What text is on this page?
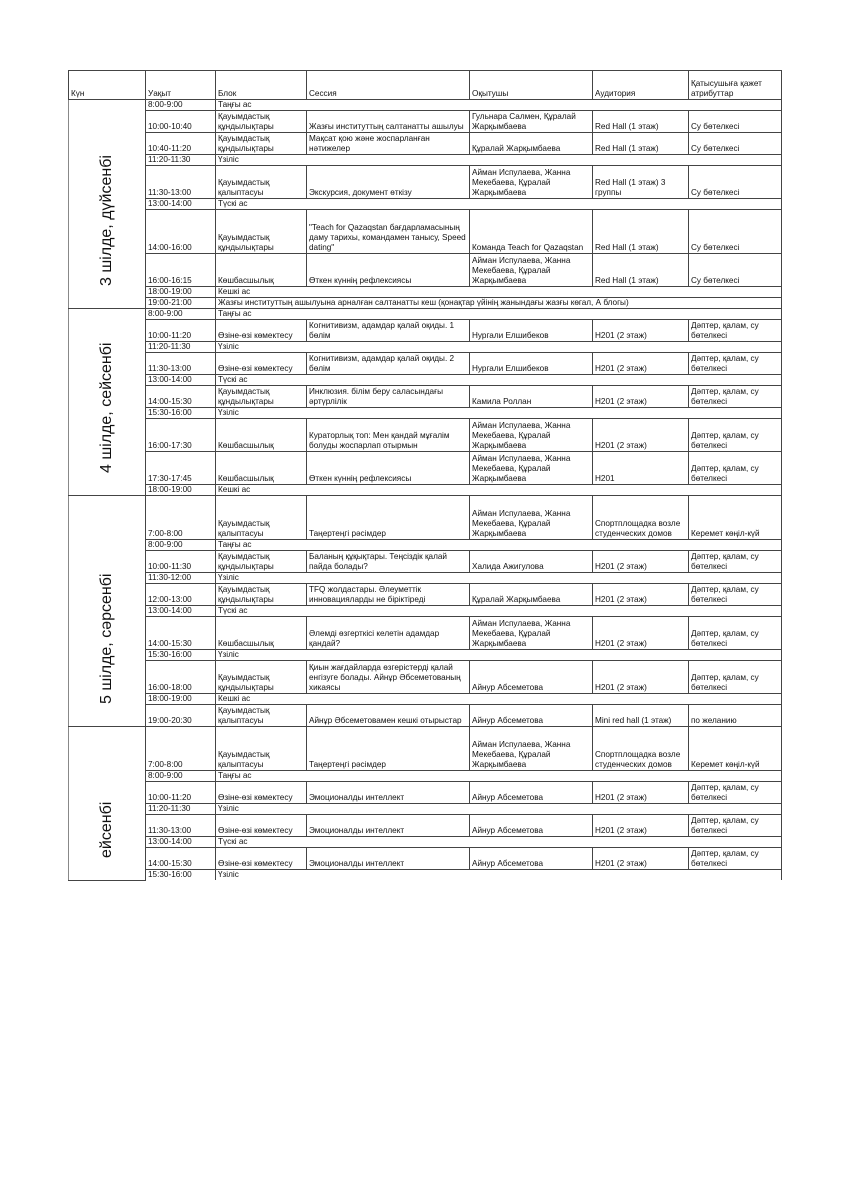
Күн	Уақыт	Блок	Сессия	Оқытушы	Аудитория	Қатысушыға қажет атрибуттар

3 шілде, дүйсенбі	8:00-9:00	Таңғы ас				
	10:00-10:40	Қауымдастық құндылықтары	Жазғы институттың салтанатты ашылуы	Гульнара Салмен, Құралай Жарқымбаева	Red Hall (1 этаж)	Су бөтелкесі
	10:40-11:20	Қауымдастық құндылықтары	Мақсат қою және жоспарланған нәтижелер	Құралай Жарқымбаева	Red Hall (1 этаж)	Су бөтелкесі
	11:20-11:30	Үзіліс				
	11:30-13:00	Қауымдастық қалыптасуы	Экскурсия, документ өткізу	Айман Испулаева, Жанна Мекебаева, Құралай Жарқымбаева	Red Hall (1 этаж) 3 группы	Су бөтелкесі
	13:00-14:00	Түскі ас				
	14:00-16:00	Қауымдастық құндылықтары	"Teach for Qazaqstan бағдарламасының даму тарихы, командамен танысу, Speed dating"	Команда Teach for Qazaqstan	Red Hall (1 этаж)	Су бөтелкесі
	16:00-16:15	Көшбасшылық	Өткен күннің рефлексиясы	Айман Испулаева, Жанна Мекебаева, Құралай Жарқымбаева	Red Hall (1 этаж)	Су бөтелкесі
	18:00-19:00	Кешкі ас				
	19:00-21:00	Жазғы институттың ашылуына арналған салтанатты кеш (қонақтар үйінің жанындағы жазғы көгал, А блогы)				

4 шілде, сейсенбі	8:00-9:00	Таңғы ас				
	10:00-11:20	Өзіне-өзі көмектесу	Когнитивизм, адамдар қалай оқиды. 1 бөлім	Нургали Елшибеков	H201 (2 этаж)	Дәптер, қалам, су бөтелкесі
	11:20-11:30	Үзіліс				
	11:30-13:00	Өзіне-өзі көмектесу	Когнитивизм, адамдар қалай оқиды. 2 бөлім	Нургали Елшибеков	H201 (2 этаж)	Дәптер, қалам, су бөтелкесі
	13:00-14:00	Түскі ас				
	14:00-15:30	Қауымдастық құндылықтары	Инклюзия. білім беру саласындағы әртүрлілік	Камила Роллан	H201 (2 этаж)	Дәптер, қалам, су бөтелкесі
	15:30-16:00	Үзіліс				
	16:00-17:30	Көшбасшылық	Кураторлық топ: Мен қандай мұғалім болуды жоспарлап отырмын	Айман Испулаева, Жанна Мекебаева, Құралай Жарқымбаева	H201 (2 этаж)	Дәптер, қалам, су бөтелкесі
	17:30-17:45	Көшбасшылық	Өткен күннің рефлексиясы	Айман Испулаева, Жанна Мекебаева, Құралай Жарқымбаева	H201	Дәптер, қалам, су бөтелкесі
	18:00-19:00	Кешкі ас				

5 шілде, сәрсенбі	7:00-8:00	Қауымдастық қалыптасуы	Таңертеңгі рәсімдер	Айман Испулаева, Жанна Мекебаева, Құралай Жарқымбаева	Спортплощадка возле студенческих домов	Керемет көңіл-күй
	8:00-9:00	Таңғы ас				
	10:00-11:30	Қауымдастық құндылықтары	Баланың құқықтары. Теңсіздік қалай пайда болады?	Халида Ажигулова	H201 (2 этаж)	Дәптер, қалам, су бөтелкесі
	11:30-12:00	Үзіліс				
	12:00-13:00	Қауымдастық құндылықтары	TFQ жолдастары. Әлеуметтік инновацияларды не біріктіреді	Құралай Жарқымбаева	H201 (2 этаж)	Дәптер, қалам, су бөтелкесі
	13:00-14:00	Түскі ас				
	14:00-15:30	Көшбасшылық	Әлемді өзгерткісі келетін адамдар қандай?	Айман Испулаева, Жанна Мекебаева, Құралай Жарқымбаева	H201 (2 этаж)	Дәптер, қалам, су бөтелкесі
	15:30-16:00	Үзіліс				
	16:00-18:00	Қауымдастық құндылықтары	Қиын жағдайларда өзгерістерді қалай енгізуге болады. Айнұр Әбсеметованың хикаясы	Айнур Абсеметова	H201 (2 этаж)	Дәптер, қалам, су бөтелкесі
	18:00-19:00	Кешкі ас				
	19:00-20:30	Қауымдастық қалыптасуы	Айнұр Әбсеметовамен кешкі отырыстар	Айнур Абсеметова	Mini red hall (1 этаж)	по желанию

ейсенбі	7:00-8:00	Қауымдастық қалыптасуы	Таңертеңгі рәсімдер	Айман Испулаева, Жанна Мекебаева, Құралай Жарқымбаева	Спортплощадка возле студенческих домов	Керемет көңіл-күй
	8:00-9:00	Таңғы ас				
	10:00-11:20	Өзіне-өзі көмектесу	Эмоционалды интеллект	Айнур Абсеметова	H201 (2 этаж)	Дәптер, қалам, су бөтелкесі
	11:20-11:30	Үзіліс				
	11:30-13:00	Өзіне-өзі көмектесу	Эмоционалды интеллект	Айнур Абсеметова	H201 (2 этаж)	Дәптер, қалам, су бөтелкесі
	13:00-14:00	Түскі ас				
	14:00-15:30	Өзіне-өзі көмектесу	Эмоционалды интеллект	Айнур Абсеметова	H201 (2 этаж)	Дәптер, қалам, су бөтелкесі
	15:30-16:00	Үзіліс				
